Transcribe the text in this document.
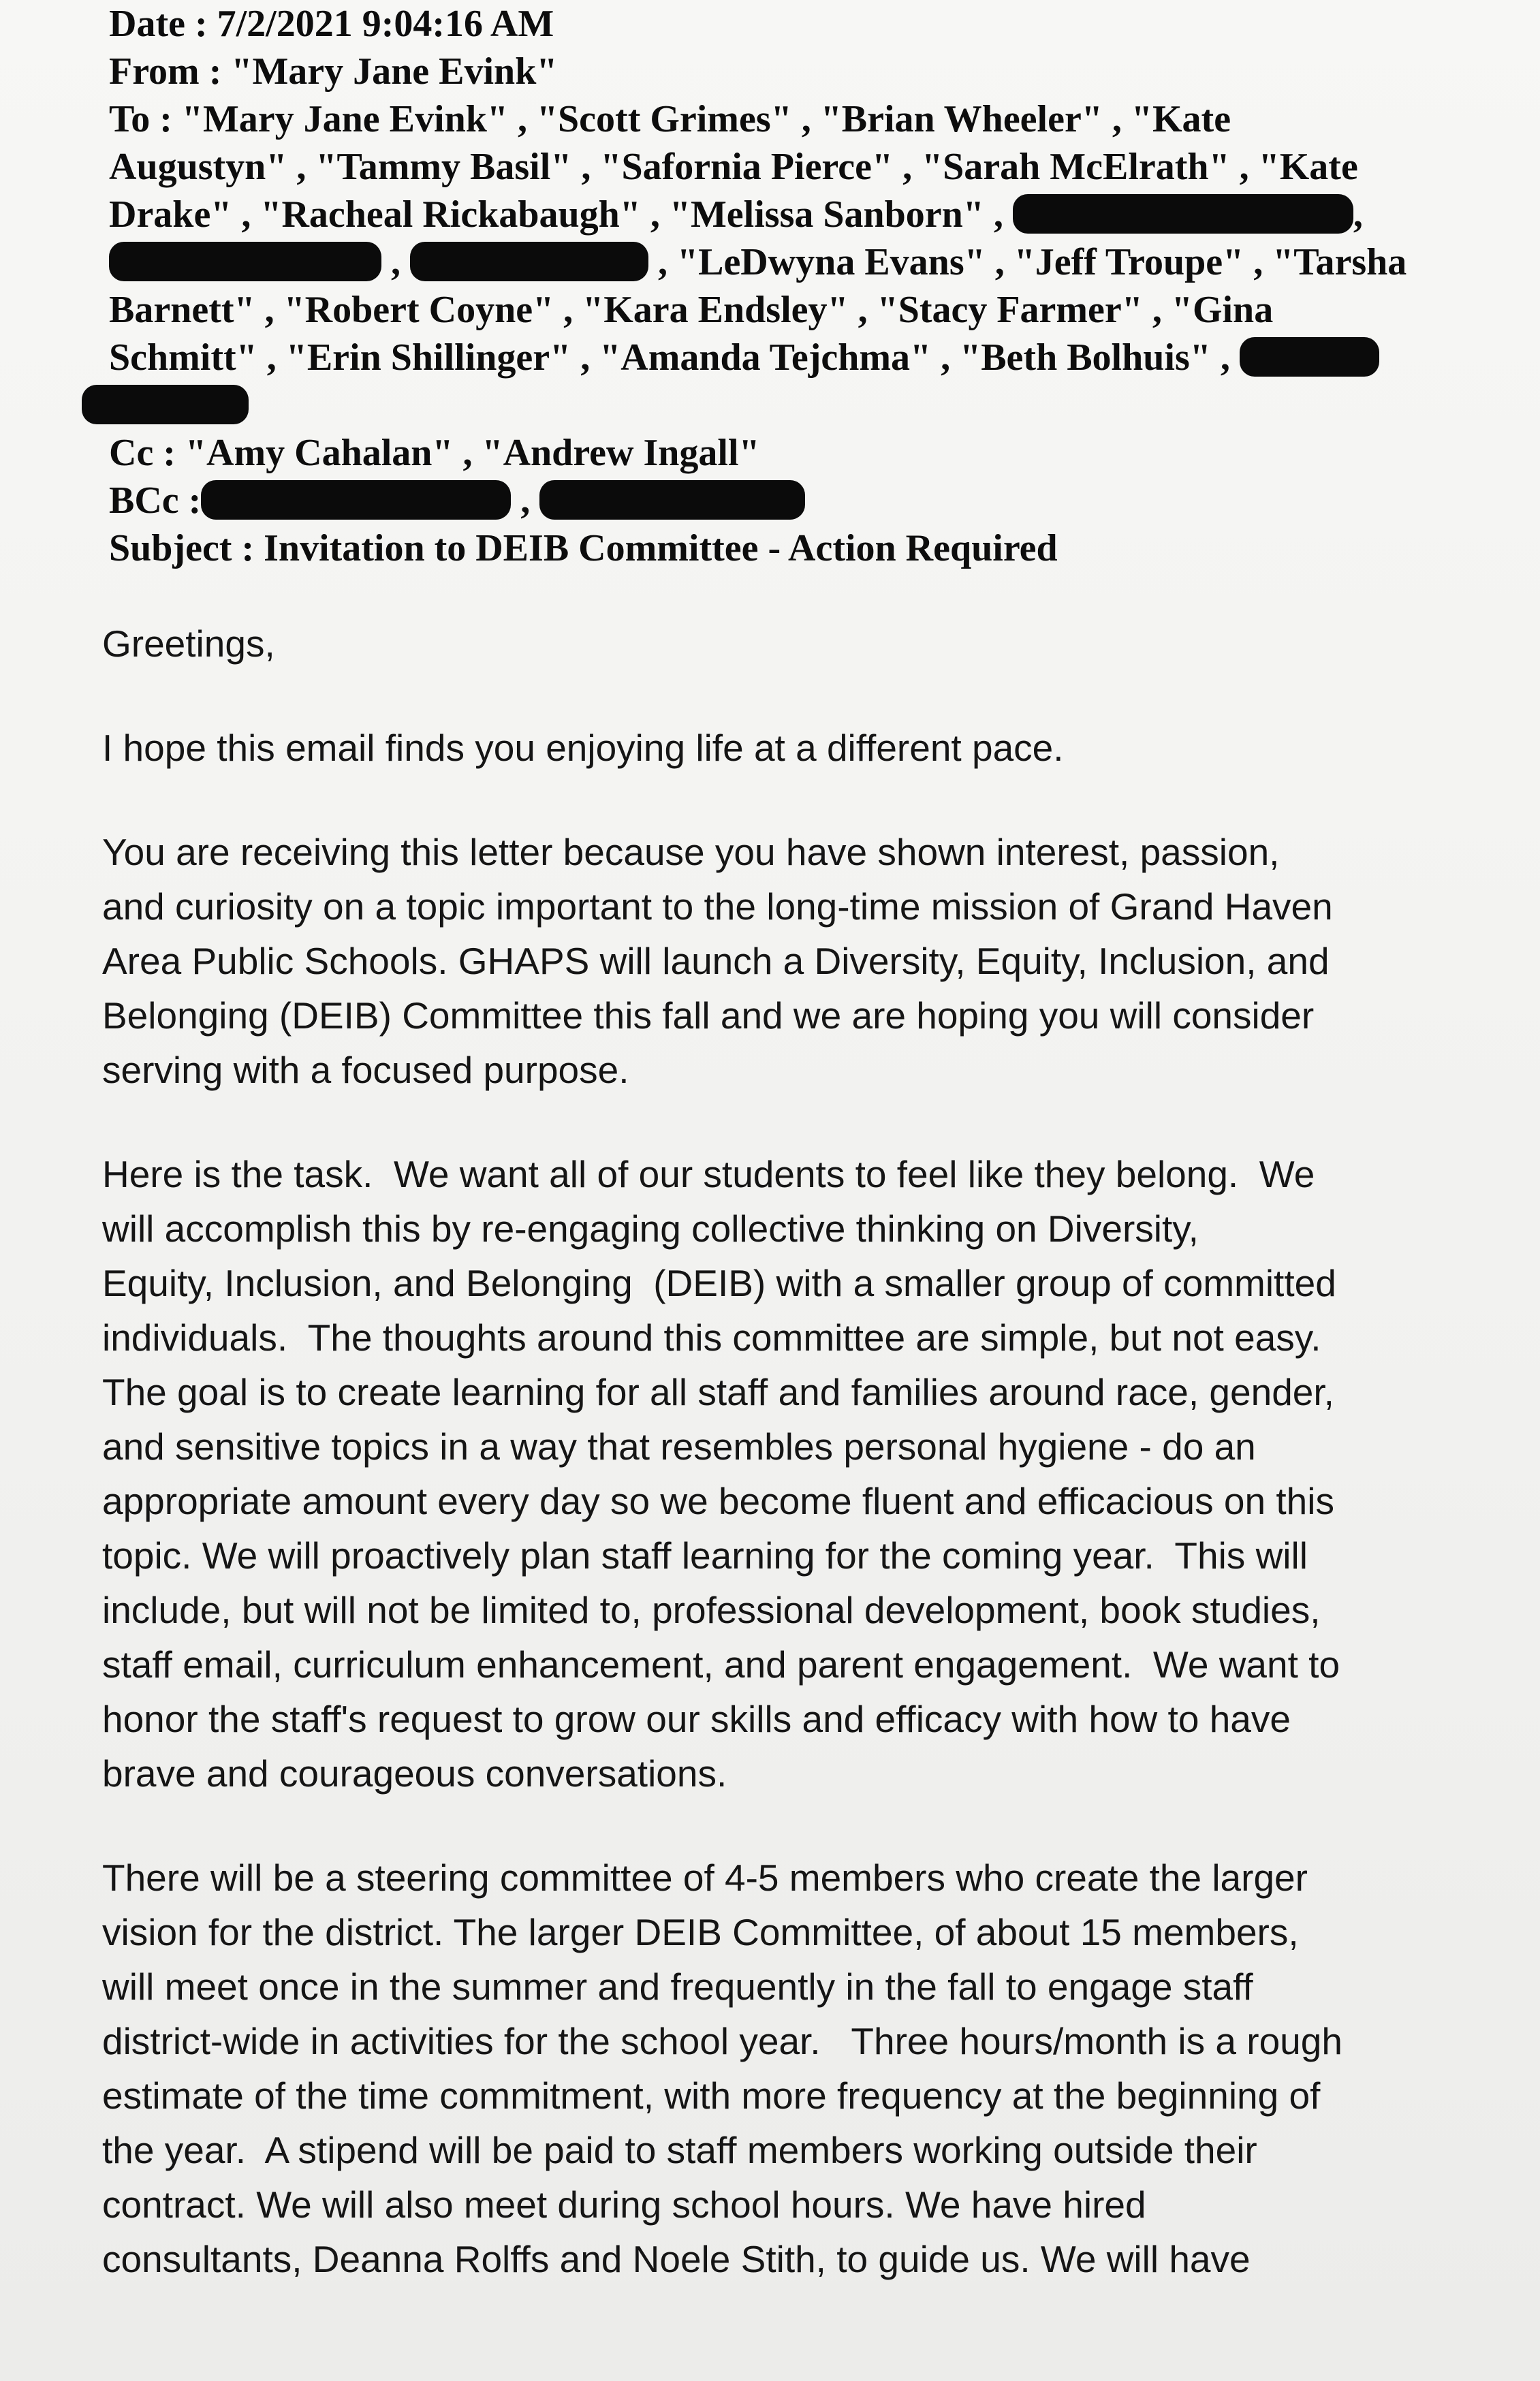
Date : 7/2/2021 9:04:16 AM
From : "Mary Jane Evink"
To : "Mary Jane Evink" , "Scott Grimes" , "Brian Wheeler" , "Kate
Augustyn" , "Tammy Basil" , "Safornia Pierce" , "Sarah McElrath" , "Kate
Drake" , "Racheal Rickabaugh" , "Melissa Sanborn" ,	,
,	, "LeDwyna Evans" , "Jeff Troupe" , "Tarsha
Barnett" , "Robert Coyne" , "Kara Endsley" , "Stacy Farmer" , "Gina
Schmitt" , "Erin Shillinger" , "Amanda Tejchma" , "Beth Bolhuis" ,
Cc : "Amy Cahalan" , "Andrew Ingall"
BCc :	,
Subject : Invitation to DEIB Committee - Action Required
Greetings,
I hope this email finds you enjoying life at a different pace.
You are receiving this letter because you have shown interest, passion,
and curiosity on a topic important to the long-time mission of Grand Haven
Area Public Schools. GHAPS will launch a Diversity, Equity, Inclusion, and
Belonging (DEIB) Committee this fall and we are hoping you will consider
serving with a focused purpose.
Here is the task.  We want all of our students to feel like they belong.  We
will accomplish this by re-engaging collective thinking on Diversity,
Equity, Inclusion, and Belonging  (DEIB) with a smaller group of committed
individuals.  The thoughts around this committee are simple, but not easy.
The goal is to create learning for all staff and families around race, gender,
and sensitive topics in a way that resembles personal hygiene - do an
appropriate amount every day so we become fluent and efficacious on this
topic. We will proactively plan staff learning for the coming year.  This will
include, but will not be limited to, professional development, book studies,
staff email, curriculum enhancement, and parent engagement.  We want to
honor the staff's request to grow our skills and efficacy with how to have
brave and courageous conversations.
There will be a steering committee of 4-5 members who create the larger
vision for the district. The larger DEIB Committee, of about 15 members,
will meet once in the summer and frequently in the fall to engage staff
district-wide in activities for the school year.   Three hours/month is a rough
estimate of the time commitment, with more frequency at the beginning of
the year.  A stipend will be paid to staff members working outside their
contract. We will also meet during school hours. We have hired
consultants, Deanna Rolffs and Noele Stith, to guide us. We will have
